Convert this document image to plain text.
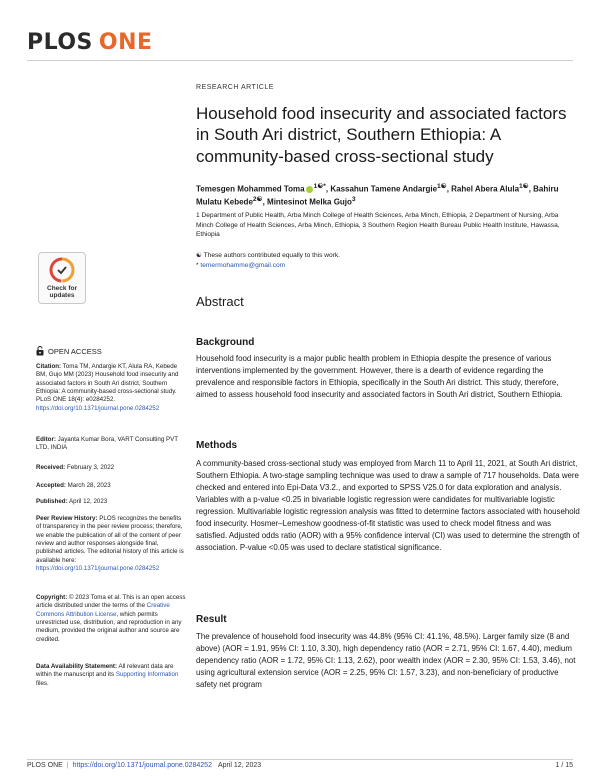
PLOS ONE
Check for
updates
OPEN ACCESS
Citation: Toma TM, Andargie KT, Alula RA, Kebede BM, Gujo MM (2023) Household food insecurity and associated factors in South Ari district, Southern Ethiopia: A community-based cross-sectional study. PLoS ONE 18(4): e0284252. https://doi.org/10.1371/journal.pone.0284252
Editor: Jayanta Kumar Bora, VART Consulting PVT LTD, INDIA
Received: February 3, 2022
Accepted: March 28, 2023
Published: April 12, 2023
Peer Review History: PLOS recognizes the benefits of transparency in the peer review process; therefore, we enable the publication of all of the content of peer review and author responses alongside final, published articles. The editorial history of this article is available here: https://doi.org/10.1371/journal.pone.0284252
Copyright: © 2023 Toma et al. This is an open access article distributed under the terms of the Creative Commons Attribution License, which permits unrestricted use, distribution, and reproduction in any medium, provided the original author and source are credited.
Data Availability Statement: All relevant data are within the manuscript and its Supporting Information files.
RESEARCH ARTICLE
Household food insecurity and associated factors in South Ari district, Southern Ethiopia: A community-based cross-sectional study
Temesgen Mohammed Toma $^{1☯*}$, Kassahun Tamene Andargie$^{1☯}$, Rahel Abera Alula$^{1☯}$, Bahiru Mulatu Kebede$^{2☯}$, Mintesinot Melka Gujo$^3$
1 Department of Public Health, Arba Minch College of Health Sciences, Arba Minch, Ethiopia, 2 Department of Nursing, Arba Minch College of Health Sciences, Arba Minch, Ethiopia, 3 Southern Region Health Bureau Public Health Institute, Hawassa, Ethiopia
☯ These authors contributed equally to this work.
* temermohamme@gmail.com
Abstract
Background
Household food insecurity is a major public health problem in Ethiopia despite the presence of various interventions implemented by the government. However, there is a dearth of evidence regarding the prevalence and responsible factors in Ethiopia, specifically in the South Ari district. This study, therefore, aimed to assess household food insecurity and associated factors in South Ari district, Southern Ethiopia.
Methods
A community-based cross-sectional study was employed from March 11 to April 11, 2021, at South Ari district, Southern Ethiopia. A two-stage sampling technique was used to draw a sample of 717 households. Data were checked and entered into Epi-Data V3.2., and exported to SPSS V25.0 for data exploration and analysis. Variables with a p-value <0.25 in bivariable logistic regression were candidates for multivariable logistic regression. Multivariable logistic regression analysis was fitted to determine factors associated with household food insecurity. Hosmer–Lemeshow goodness-of-fit statistic was used to check model fitness and was satisfied. Adjusted odds ratio (AOR) with a 95% confidence interval (CI) was used to determine the strength of association. P-value <0.05 was used to declare statistical significance.
Result
The prevalence of household food insecurity was 44.8% (95% CI: 41.1%, 48.5%). Larger family size (8 and above) (AOR = 1.91, 95% CI: 1.10, 3.30), high dependency ratio (AOR = 2.71, 95% CI: 1.67, 4.40), medium dependency ratio (AOR = 1.72, 95% CI: 1.13, 2.62), poor wealth index (AOR = 2.30, 95% CI: 1.53, 3.46), not using agricultural extension service (AOR = 2.25, 95% CI: 1.57, 3.23), and non-beneficiary of productive safety net program
PLOS ONE | https://doi.org/10.1371/journal.pone.0284252 April 12, 2023	1 / 15
